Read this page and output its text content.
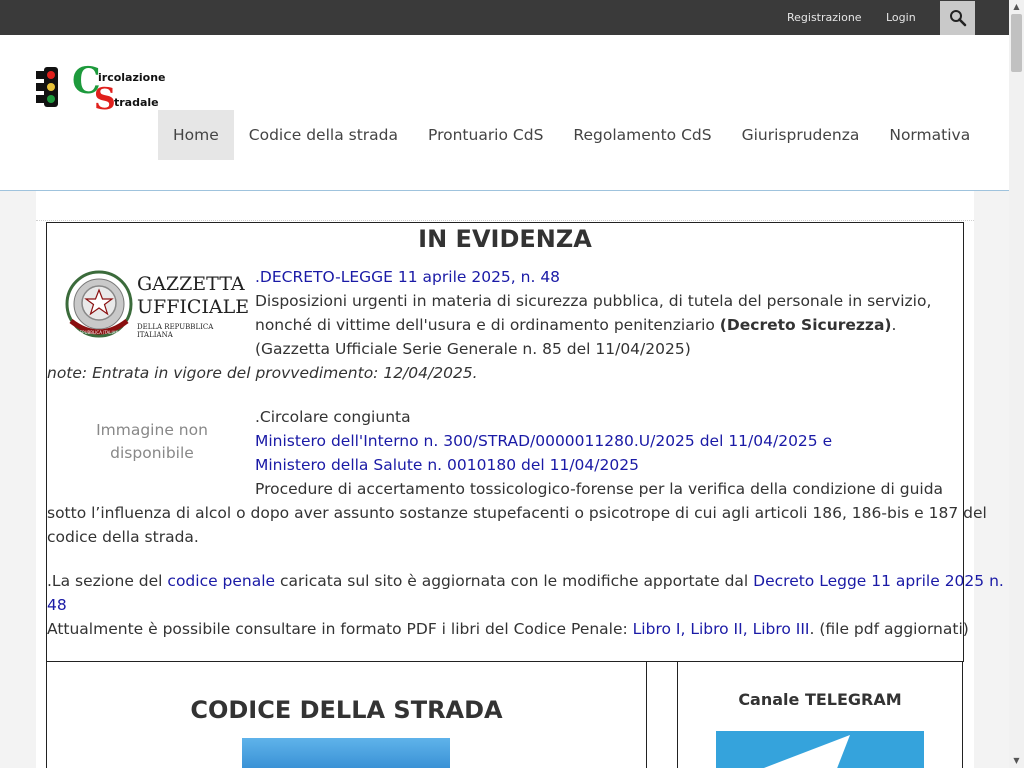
Registrazione Login
C
S
ircolazione
tradale
Home	Codice della strada	Prontuario CdS	Regolamento CdS	Giurisprudenza	Normativa
IN EVIDENZA
GAZZETTA
UFFICIALE
DELLA REPUBBLICA ITALIANA
REPUBBLICA ITALIANA
.DECRETO-LEGGE 11 aprile 2025, n. 48
Disposizioni urgenti in materia di sicurezza pubblica, di tutela del personale in servizio,
nonché di vittime dell'usura e di ordinamento penitenziario (Decreto Sicurezza).
(Gazzetta Ufficiale Serie Generale n. 85 del 11/04/2025)
note: Entrata in vigore del provvedimento: 12/04/2025.
Immagine non disponibile
.Circolare congiunta
Ministero dell'Interno n. 300/STRAD/0000011280.U/2025 del 11/04/2025 e
Ministero della Salute n. 0010180 del 11/04/2025
Procedure di accertamento tossicologico-forense per la verifica della condizione di guida
sotto l’influenza di alcol o dopo aver assunto sostanze stupefacenti o psicotrope di cui agli articoli 186, 186-bis e 187 del
codice della strada.
.La sezione del codice penale caricata sul sito è aggiornata con le modifiche apportate dal Decreto Legge 11 aprile 2025 n.
48
Attualmente è possibile consultare in formato PDF i libri del Codice Penale: Libro I, Libro II, Libro III. (file pdf aggiornati)
CODICE DELLA STRADA	Canale TELEGRAM
▲
▼
